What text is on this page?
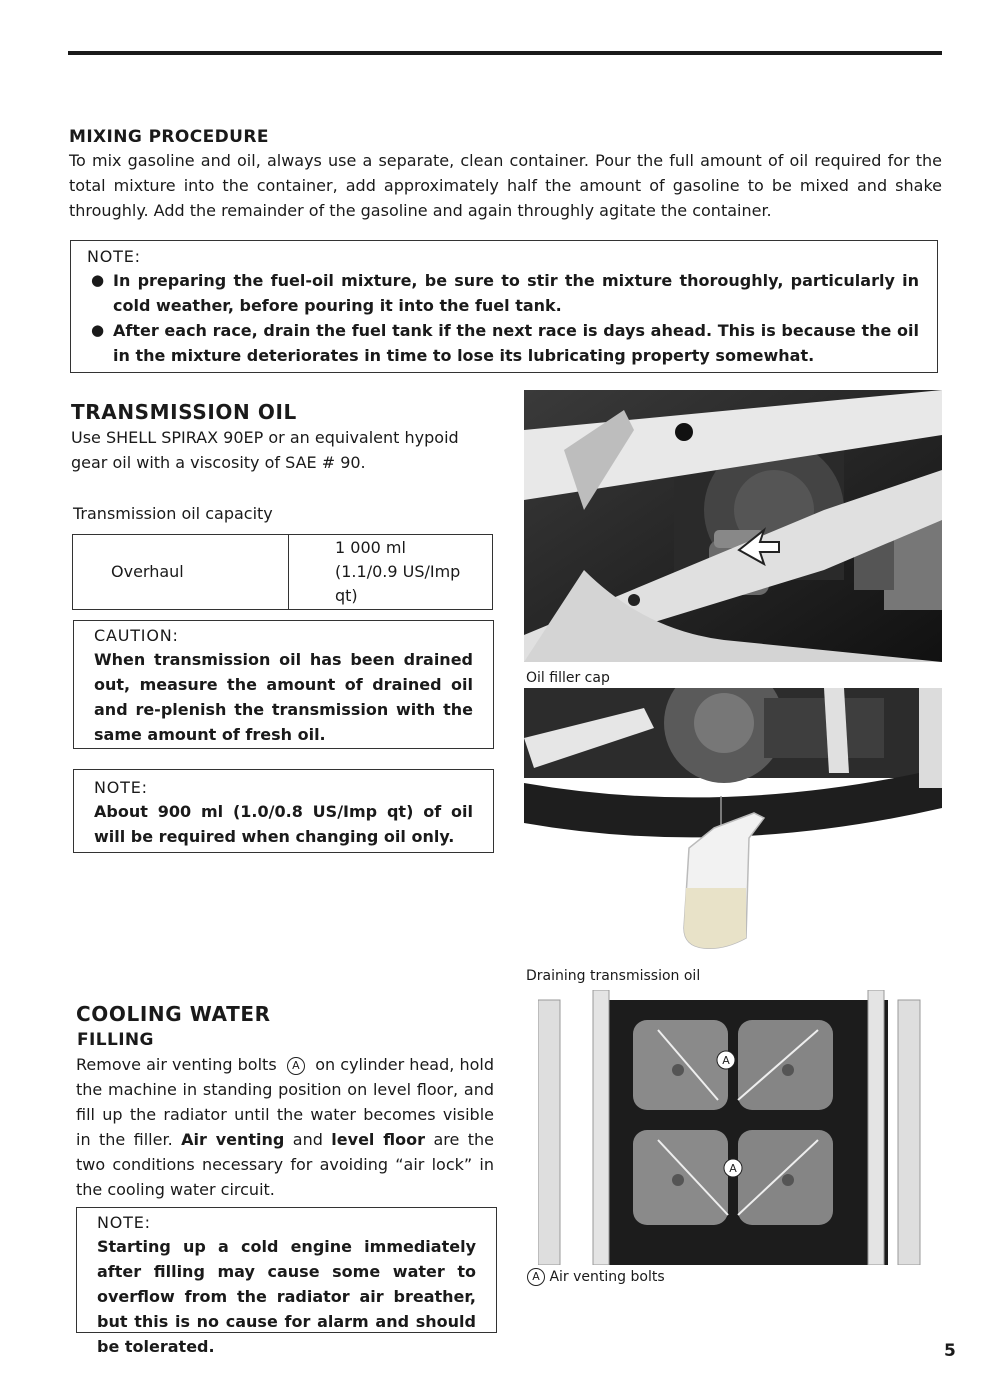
MIXING PROCEDURE
To mix gasoline and oil, always use a separate, clean container. Pour the full amount of oil required for the total mixture into the container, add approximately half the amount of gasoline to be mixed and shake throughly. Add the remainder of the gasoline and again throughly agitate the container.
NOTE:
● In preparing the fuel-oil mixture, be sure to stir the mixture thoroughly, particularly in cold weather, before pouring it into the fuel tank.
● After each race, drain the fuel tank if the next race is days ahead. This is because the oil in the mixture deteriorates in time to lose its lubricating property somewhat.
TRANSMISSION OIL
Use SHELL SPIRAX 90EP or an equivalent hypoid gear oil with a viscosity of SAE # 90.
Transmission oil capacity
Overhaul	1 000 ml (1.1/0.9 US/Imp qt)
CAUTION:
When transmission oil has been drained out, measure the amount of drained oil and re-plenish the transmission with the same amount of fresh oil.
NOTE:
About 900 ml (1.0/0.8 US/Imp qt) of oil will be required when changing oil only.
COOLING WATER
FILLING
Remove air venting bolts A on cylinder head, hold the machine in standing position on level floor, and fill up the radiator until the water becomes visible in the filler. Air venting and level floor are the two conditions necessary for avoiding “air lock” in the cooling water circuit.
NOTE:
Starting up a cold engine immediately after filling may cause some water to overflow from the radiator air breather, but this is no cause for alarm and should be tolerated.
Oil filler cap
Draining transmission oil
A
A
A Air venting bolts
5
